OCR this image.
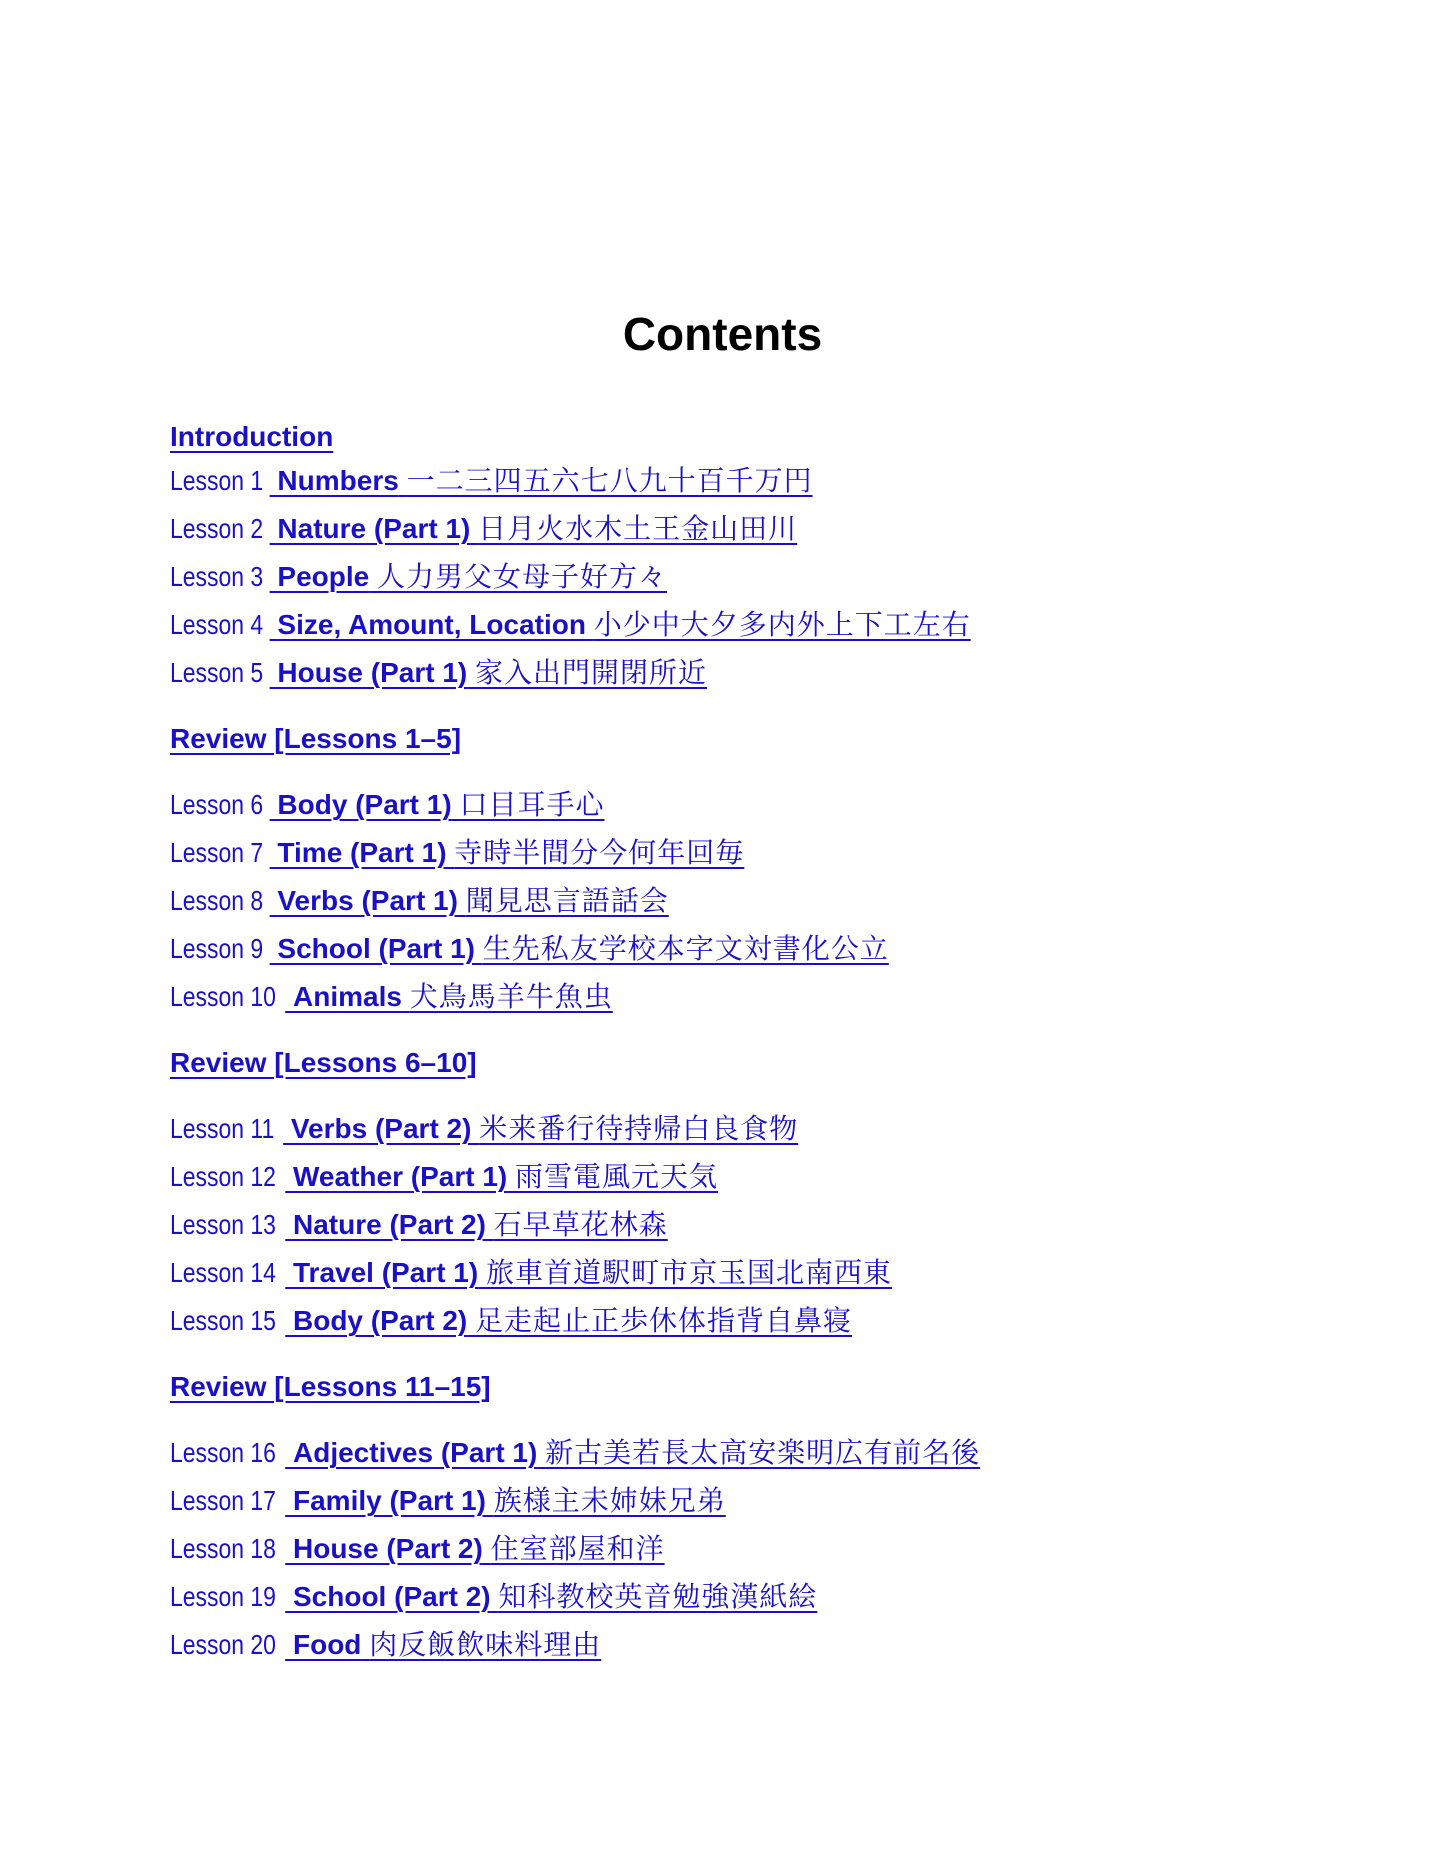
Contents
Introduction
Lesson 1 Numbers 一二三四五六七八九十百千万円
Lesson 2 Nature (Part 1) 日月火水木土王金山田川
Lesson 3 People 人力男父女母子好方々
Lesson 4 Size, Amount, Location 小少中大夕多内外上下工左右
Lesson 5 House (Part 1) 家入出門開閉所近
Review [Lessons 1–5]
Lesson 6 Body (Part 1) 口目耳手心
Lesson 7 Time (Part 1) 寺時半間分今何年回毎
Lesson 8 Verbs (Part 1) 聞見思言語話会
Lesson 9 School (Part 1) 生先私友学校本字文対書化公立
Lesson 10 Animals 犬鳥馬羊牛魚虫
Review [Lessons 6–10]
Lesson 11 Verbs (Part 2) 米来番行待持帰白良食物
Lesson 12 Weather (Part 1) 雨雪電風元天気
Lesson 13 Nature (Part 2) 石早草花林森
Lesson 14 Travel (Part 1) 旅車首道駅町市京玉国北南西東
Lesson 15 Body (Part 2) 足走起止正歩休体指背自鼻寝
Review [Lessons 11–15]
Lesson 16 Adjectives (Part 1) 新古美若長太高安楽明広有前名後
Lesson 17 Family (Part 1) 族様主未姉妹兄弟
Lesson 18 House (Part 2) 住室部屋和洋
Lesson 19 School (Part 2) 知科教校英音勉強漢紙絵
Lesson 20 Food 肉反飯飲味料理由
